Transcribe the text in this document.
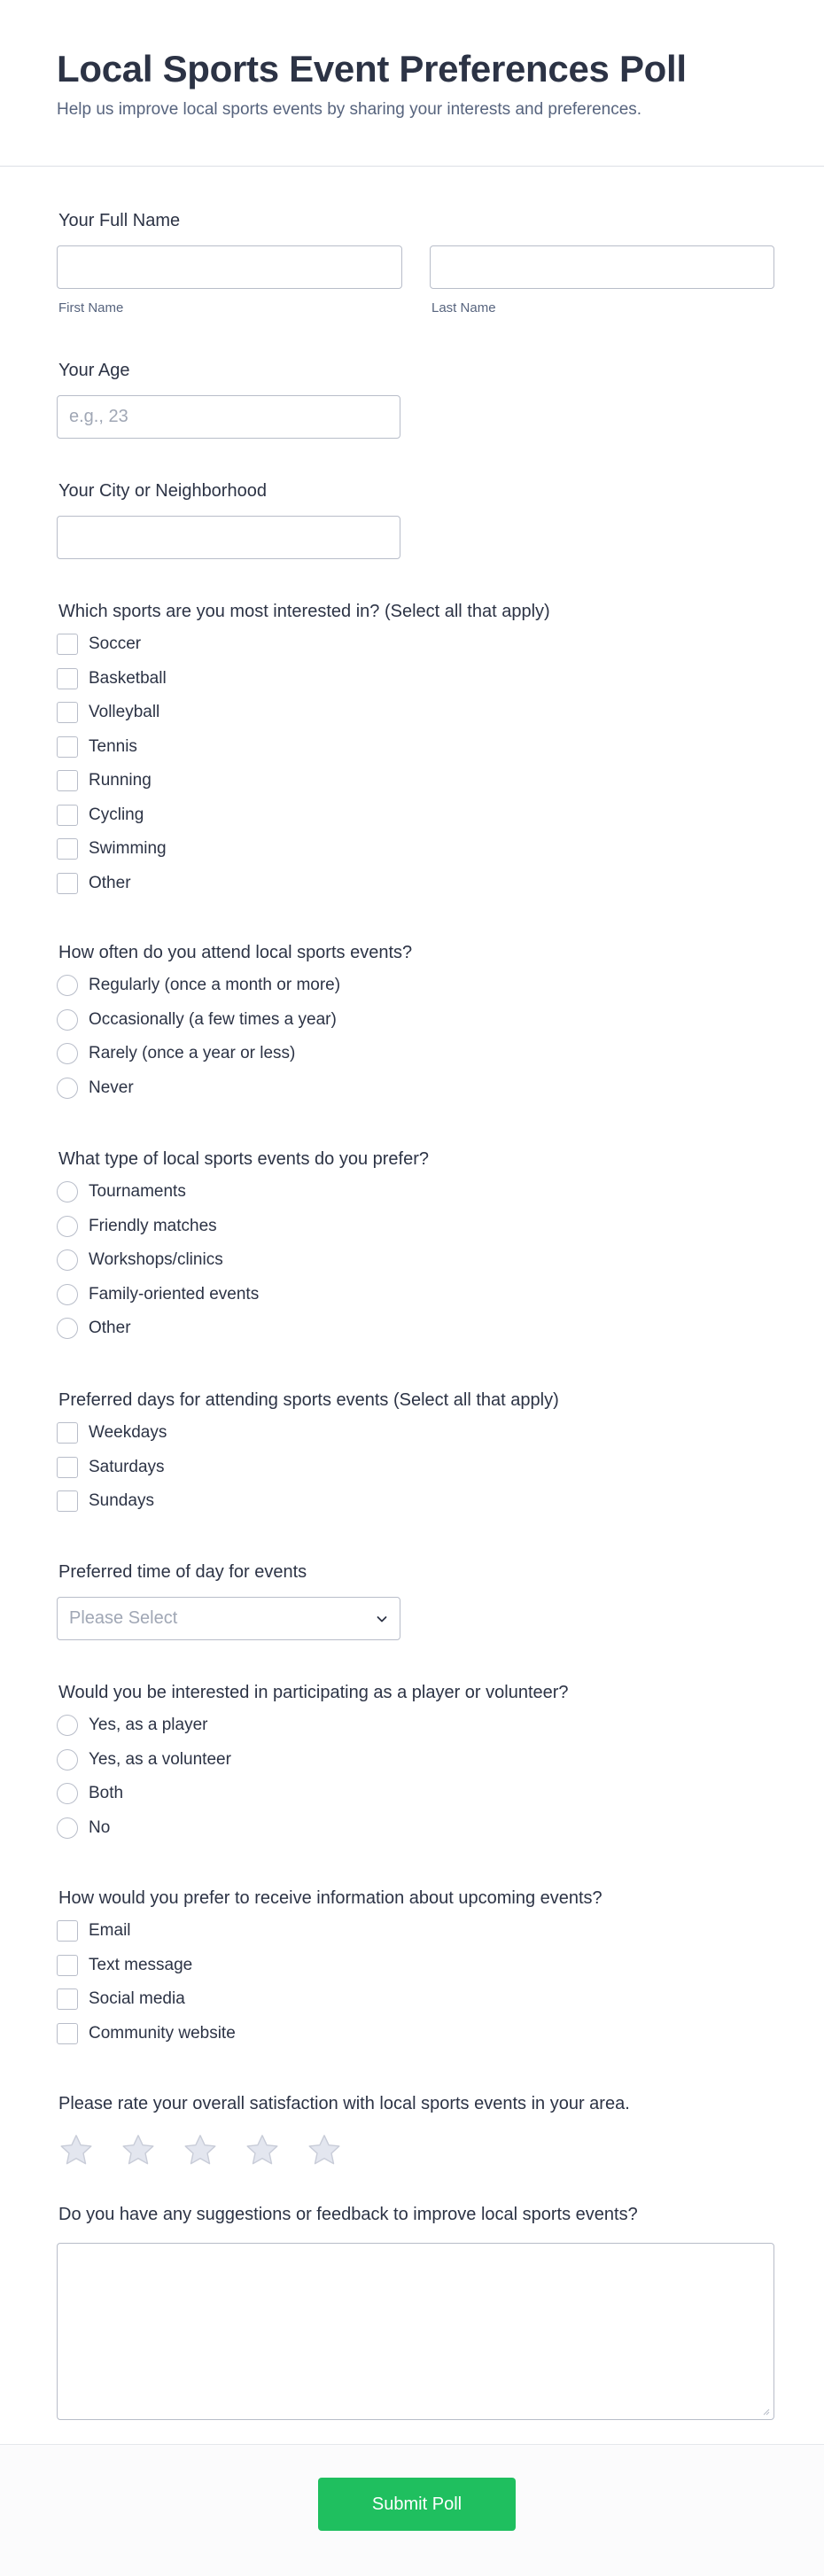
Local Sports Event Preferences Poll

Help us improve local sports events by sharing your interests and preferences.

Your Full Name
First Name	Last Name
Your Age
e.g., 23
Your City or Neighborhood
Which sports are you most interested in? (Select all that apply)
Soccer
Basketball
Volleyball
Tennis
Running
Cycling
Swimming
Other
How often do you attend local sports events?
Regularly (once a month or more)
Occasionally (a few times a year)
Rarely (once a year or less)
Never
What type of local sports events do you prefer?
Tournaments
Friendly matches
Workshops/clinics
Family-oriented events
Other
Preferred days for attending sports events (Select all that apply)
Weekdays
Saturdays
Sundays
Preferred time of day for events
Please Select
Would you be interested in participating as a player or volunteer?
Yes, as a player
Yes, as a volunteer
Both
No
How would you prefer to receive information about upcoming events?
Email
Text message
Social media
Community website
Please rate your overall satisfaction with local sports events in your area.
Do you have any suggestions or feedback to improve local sports events?
Submit Poll
